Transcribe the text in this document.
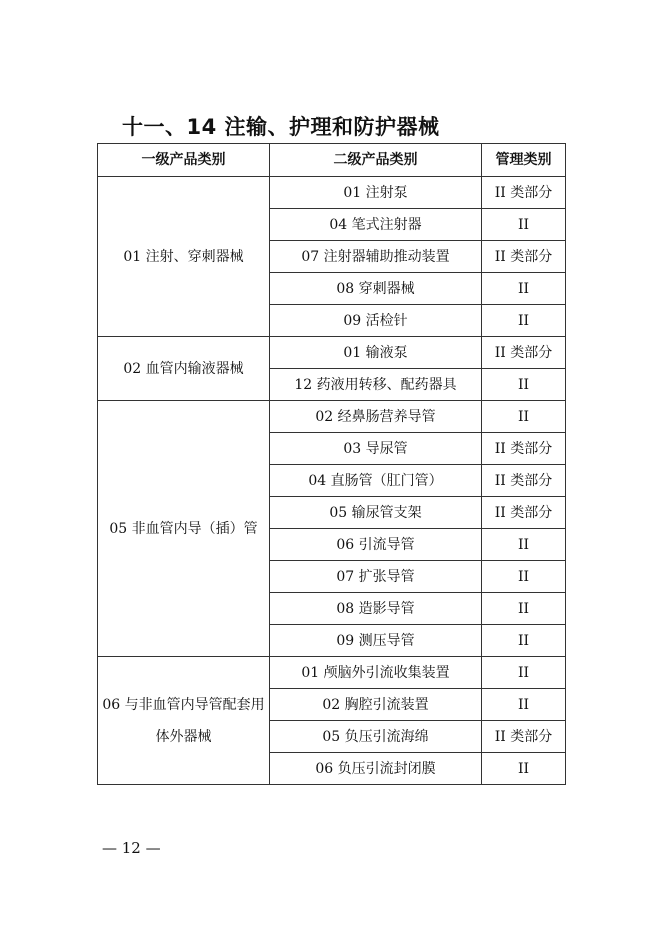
十一、14 注输、护理和防护器械
一级产品类别	二级产品类别	管理类别

01 注射、穿刺器械	01 注射泵	II 类部分
	04 笔式注射器	II
	07 注射器辅助推动装置	II 类部分
	08 穿刺器械	II
	09 活检针	II

02 血管内输液器械	01 输液泵	II 类部分
	12 药液用转移、配药器具	II

05 非血管内导（插）管	02 经鼻肠营养导管	II
	03 导尿管	II 类部分
	04 直肠管（肛门管）	II 类部分
	05 输尿管支架	II 类部分
	06 引流导管	II
	07 扩张导管	II
	08 造影导管	II
	09 测压导管	II

06 与非血管内导管配套用体外器械	01 颅脑外引流收集装置	II
	02 胸腔引流装置	II
	05 负压引流海绵	II 类部分
	06 负压引流封闭膜	II
— 12 —
